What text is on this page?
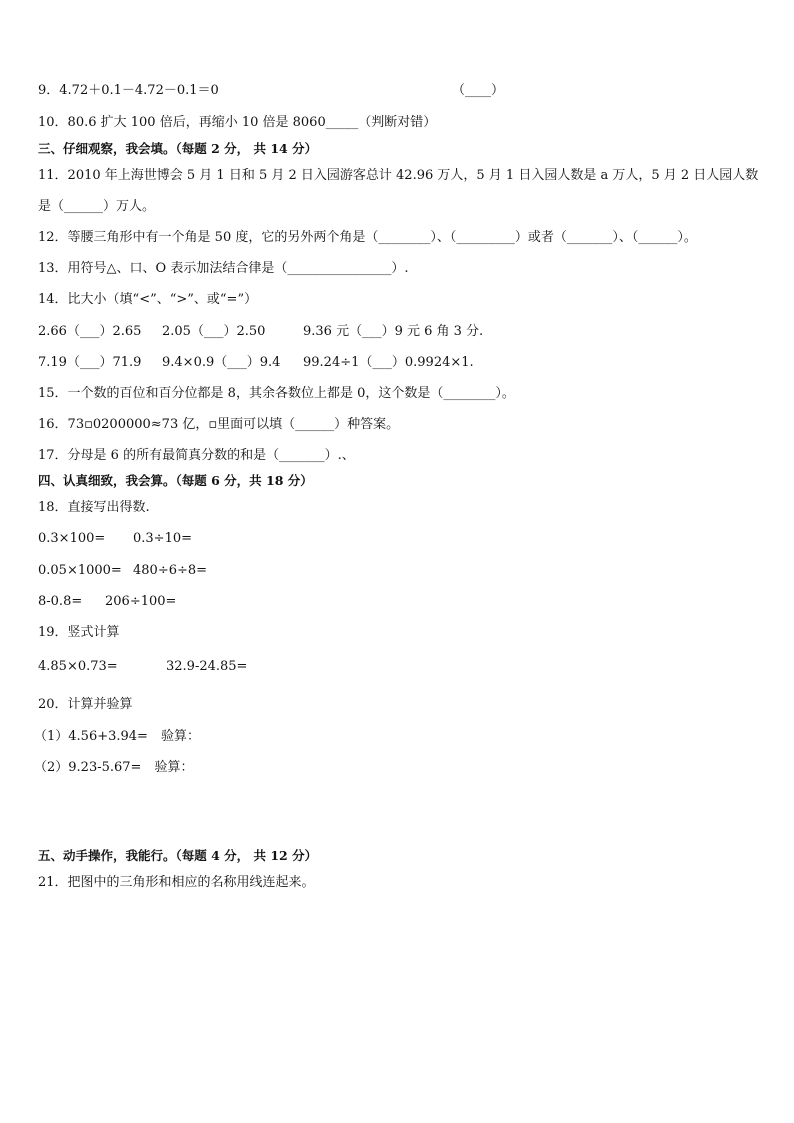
9．4.72＋0.1－4.72－0.1＝0	（____）
10．80.6 扩大 100 倍后，再缩小 10 倍是 8060_____（判断对错）
三、仔细观察，我会填。（每题 2 分， 共 14 分）
11．2010 年上海世博会 5 月 1 日和 5 月 2 日入园游客总计 42.96 万人，5 月 1 日入园人数是 a 万人，5 月 2 日人园人数
是（______）万人。
12．等腰三角形中有一个角是 50 度，它的另外两个角是（________）、（_________）或者（_______）、（______）。
13．用符号△、口、O 表示加法结合律是（________________）.
14．比大小（填“<”、“>”、或“=”）
2.66（___）2.65 2.05（___）2.50	9.36 元（___）9 元 6 角 3 分.
7.19（___）71.9 9.4×0.9（___）9.4 99.24÷1（___）0.9924×1.
15．一个数的百位和百分位都是 8，其余各数位上都是 0，这个数是（________）。
16．73▫0200000≈73 亿，▫里面可以填（______）种答案。
17．分母是 6 的所有最简真分数的和是（_______）.、
四、认真细致，我会算。（每题 6 分，共 18 分）
18．直接写出得数.
0.3×100= 0.3÷10=
0.05×1000= 480÷6÷8=
8-0.8= 206÷100=
19．竖式计算
4.85×0.73=	32.9-24.85=
20．计算并验算
（1）4.56+3.94=　验算：
（2）9.23-5.67=　验算：
五、动手操作，我能行。（每题 4 分， 共 12 分）
21．把图中的三角形和相应的名称用线连起来。
